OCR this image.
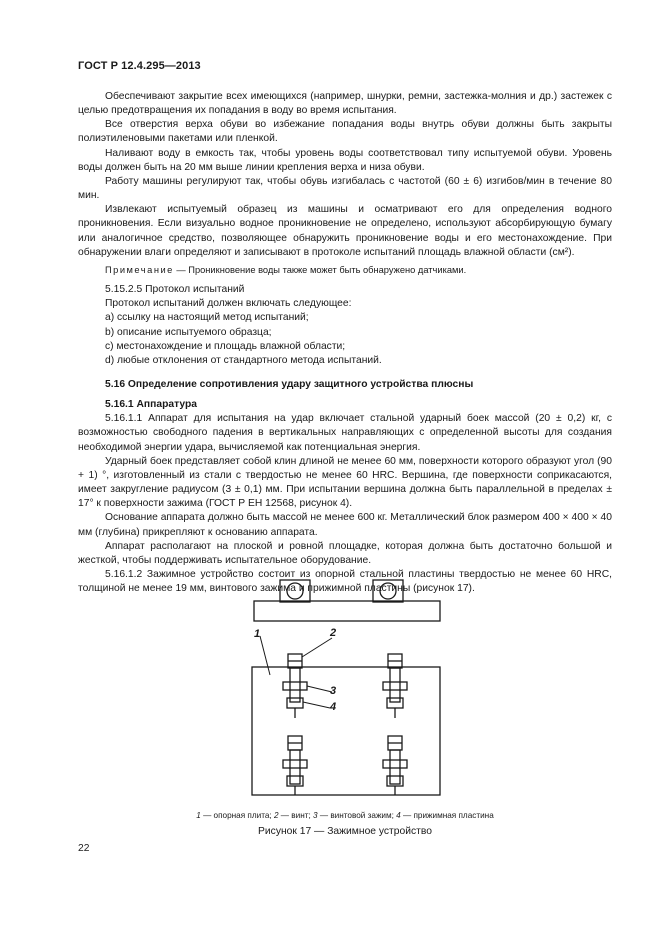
ГОСТ Р 12.4.295—2013

Обеспечивают закрытие всех имеющихся (например, шнурки, ремни, застежка-молния и др.) застежек с целью предотвращения их попадания в воду во время испытания.

Все отверстия верха обуви во избежание попадания воды внутрь обуви должны быть закрыты полиэтиленовыми пакетами или пленкой.

Наливают воду в емкость так, чтобы уровень воды соответствовал типу испытуемой обуви. Уровень воды должен быть на 20 мм выше линии крепления верха и низа обуви.

Работу машины регулируют так, чтобы обувь изгибалась с частотой (60 ± 6) изгибов/мин в течение 80 мин.

Извлекают испытуемый образец из машины и осматривают его для определения водного проникновения. Если визуально водное проникновение не определено, используют абсорбирующую бумагу или аналогичное средство, позволяющее обнаружить проникновение воды и его местонахождение. При обнаружении влаги определяют и записывают в протоколе испытаний площадь влажной области (см²).

Примечание — Проникновение воды также может быть обнаружено датчиками.

5.15.2.5 Протокол испытаний

Протокол испытаний должен включать следующее:

a) ссылку на настоящий метод испытаний;

b) описание испытуемого образца;

c) местонахождение и площадь влажной области;

d) любые отклонения от стандартного метода испытаний.

5.16 Определение сопротивления удару защитного устройства плюсны

5.16.1 Аппаратура

5.16.1.1 Аппарат для испытания на удар включает стальной ударный боек массой (20 ± 0,2) кг, с возможностью свободного падения в вертикальных направляющих с определенной высоты для создания необходимой энергии удара, вычисляемой как потенциальная энергия.

Ударный боек представляет собой клин длиной не менее 60 мм, поверхности которого образуют угол (90 + 1) °, изготовленный из стали с твердостью не менее 60 HRC. Вершина, где поверхности соприкасаются, имеет закругление радиусом (3 ± 0,1) мм. При испытании вершина должна быть параллельной в пределах ± 17° к поверхности зажима (ГОСТ Р ЕН 12568, рисунок 4).

Основание аппарата должно быть массой не менее 600 кг. Металлический блок размером 400 × 400 × 40 мм (глубина) прикрепляют к основанию аппарата.

Аппарат располагают на плоской и ровной площадке, которая должна быть достаточно большой и жесткой, чтобы поддерживать испытательное оборудование.

5.16.1.2 Зажимное устройство состоит из опорной стальной пластины твердостью не менее 60 HRC, толщиной не менее 19 мм, винтового зажима и прижимной пластины (рисунок 17).

1	2
3
4
1 — опорная плита; 2 — винт; 3 — винтовой зажим; 4 — прижимная пластина
Рисунок 17 — Зажимное устройство
22
